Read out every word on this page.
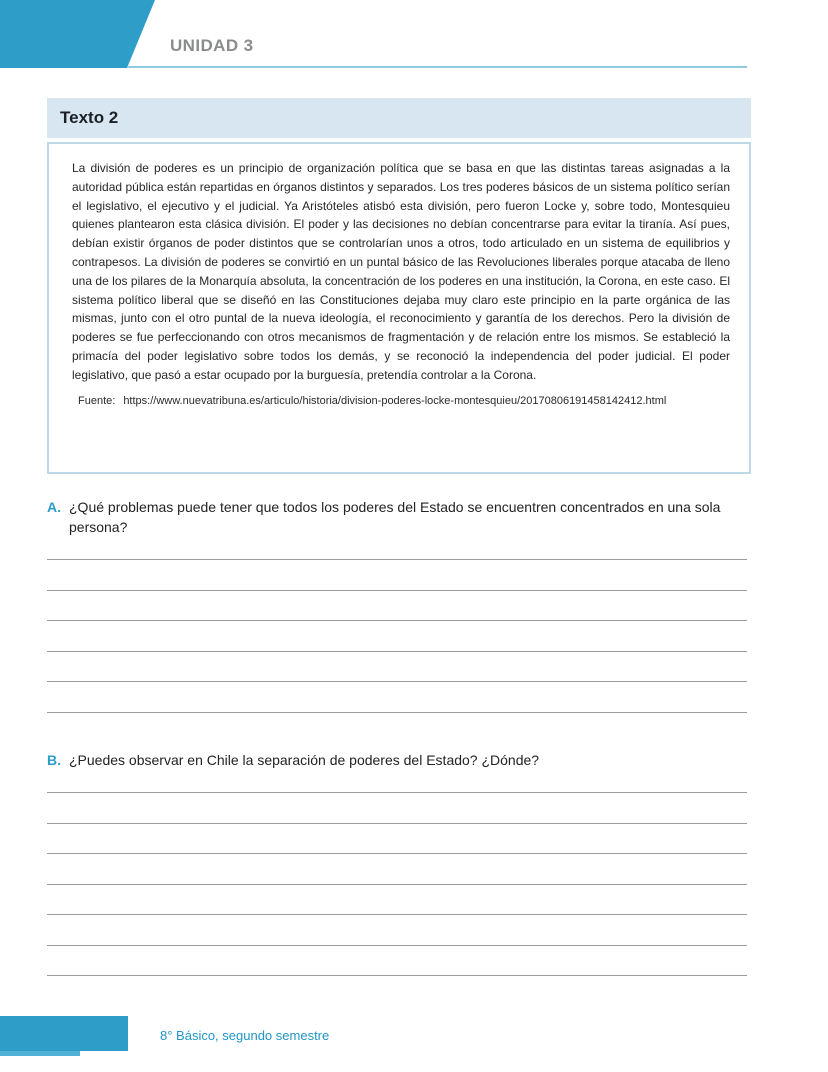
UNIDAD 3
Texto 2

La división de poderes es un principio de organización política que se basa en que las distintas tareas asignadas a la autoridad pública están repartidas en órganos distintos y separados. Los tres poderes básicos de un sistema político serían el legislativo, el ejecutivo y el judicial. Ya Aristóteles atisbó esta división, pero fueron Locke y, sobre todo, Montesquieu quienes plantearon esta clásica división. El poder y las decisiones no debían concentrarse para evitar la tiranía. Así pues, debían existir órganos de poder distintos que se controlarían unos a otros, todo articulado en un sistema de equilibrios y contrapesos. La división de poderes se convirtió en un puntal básico de las Revoluciones liberales porque atacaba de lleno una de los pilares de la Monarquía absoluta, la concentración de los poderes en una institución, la Corona, en este caso. El sistema político liberal que se diseñó en las Constituciones dejaba muy claro este principio en la parte orgánica de las mismas, junto con el otro puntal de la nueva ideología, el reconocimiento y garantía de los derechos. Pero la división de poderes se fue perfeccionando con otros mecanismos de fragmentación y de relación entre los mismos. Se estableció la primacía del poder legislativo sobre todos los demás, y se reconoció la independencia del poder judicial. El poder legislativo, que pasó a estar ocupado por la burguesía, pretendía controlar a la Corona.

Fuente: https://www.nuevatribuna.es/articulo/historia/division-poderes-locke-montesquieu/20170806191458142412.html

A. ¿Qué problemas puede tener que todos los poderes del Estado se encuentren concentrados en una sola persona?
B. ¿Puedes observar en Chile la separación de poderes del Estado? ¿Dónde?
8° Básico, segundo semestre
